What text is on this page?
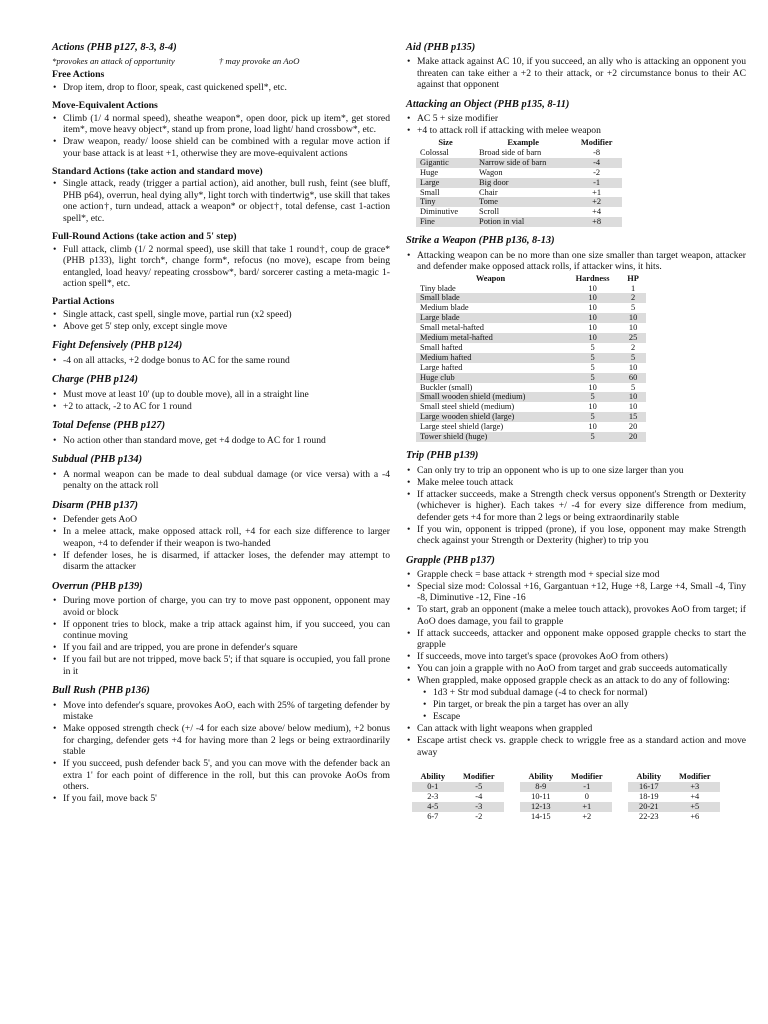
Actions (PHB p127, 8-3, 8-4)
*provokes an attack of opportunity	† may provoke an AoO
Free Actions
• Drop item, drop to floor, speak, cast quickened spell*, etc.
Move-Equivalent Actions
• Climb (1/ 4 normal speed), sheathe weapon*, open door, pick up item*, get stored item*, move heavy object*, stand up from prone, load light/ hand crossbow*, etc.
• Draw weapon, ready/ loose shield can be combined with a regular move action if your base attack is at least +1, otherwise they are move-equivalent actions
Standard Actions (take action and standard move)
• Single attack, ready (trigger a partial action), aid another, bull rush, feint (see bluff, PHB p64), overrun, heal dying ally*, light torch with tindertwig*, use skill that takes one action†, turn undead, attack a weapon* or object†, total defense, cast 1-action spell*, etc.
Full-Round Actions (take action and 5' step)
• Full attack, climb (1/ 2 normal speed), use skill that take 1 round†, coup de grace* (PHB p133), light torch*, change form*, refocus (no move), escape from being entangled, load heavy/ repeating crossbow*, bard/ sorcerer casting a meta-magic 1-action spell*, etc.
Partial Actions
• Single attack, cast spell, single move, partial run (x2 speed)
• Above get 5' step only, except single move
Fight Defensively (PHB p124)
• -4 on all attacks, +2 dodge bonus to AC for the same round
Charge (PHB p124)
• Must move at least 10' (up to double move), all in a straight line
• +2 to attack, -2 to AC for 1 round
Total Defense (PHB p127)
• No action other than standard move, get +4 dodge to AC for 1 round
Subdual (PHB p134)
• A normal weapon can be made to deal subdual damage (or vice versa) with a -4 penalty on the attack roll
Disarm (PHB p137)
• Defender gets AoO
• In a melee attack, make opposed attack roll, +4 for each size difference to larger weapon, +4 to defender if their weapon is two-handed
• If defender loses, he is disarmed, if attacker loses, the defender may attempt to disarm the attacker
Overrun (PHB p139)
• During move portion of charge, you can try to move past opponent, opponent may avoid or block
• If opponent tries to block, make a trip attack against him, if you succeed, you can continue moving
• If you fail and are tripped, you are prone in defender's square
• If you fail but are not tripped, move back 5'; if that square is occupied, you fall prone in it
Bull Rush (PHB p136)
• Move into defender's square, provokes AoO, each with 25% of targeting defender by mistake
• Make opposed strength check (+/ -4 for each size above/ below medium), +2 bonus for charging, defender gets +4 for having more than 2 legs or being extraordinarily stable
• If you succeed, push defender back 5', and you can move with the defender back an extra 1' for each point of difference in the roll, but this can provoke AoOs from others.
• If you fail, move back 5'
Aid (PHB p135)
• Make attack against AC 10, if you succeed, an ally who is attacking an opponent you threaten can take either a +2 to their attack, or +2 circumstance bonus to their AC against that opponent
Attacking an Object (PHB p135, 8-11)
• AC 5 + size modifier
• +4 to attack roll if attacking with melee weapon
Size	Example	Modifier
Colossal	Broad side of barn	-8
Gigantic	Narrow side of barn	-4
Huge	Wagon	-2
Large	Big door	-1
Small	Chair	+1
Tiny	Tome	+2
Diminutive	Scroll	+4
Fine	Potion in vial	+8
Strike a Weapon (PHB p136, 8-13)
• Attacking weapon can be no more than one size smaller than target weapon, attacker and defender make opposed attack rolls, if attacker wins, it hits.
Weapon	Hardness	HP
Tiny blade	10	1
Small blade	10	2
Medium blade	10	5
Large blade	10	10
Small metal-hafted	10	10
Medium metal-hafted	10	25
Small hafted	5	2
Medium hafted	5	5
Large hafted	5	10
Huge club	5	60
Buckler (small)	10	5
Small wooden shield (medium)	5	10
Small steel shield (medium)	10	10
Large wooden shield (large)	5	15
Large steel shield (large)	10	20
Tower shield (huge)	5	20
Trip (PHB p139)
• Can only try to trip an opponent who is up to one size larger than you
• Make melee touch attack
• If attacker succeeds, make a Strength check versus opponent's Strength or Dexterity (whichever is higher). Each takes +/ -4 for every size difference from medium, defender gets +4 for more than 2 legs or being extraordinarily stable
• If you win, opponent is tripped (prone), if you lose, opponent may make Strength check against your Strength or Dexterity (higher) to trip you
Grapple (PHB p137)
• Grapple check = base attack + strength mod + special size mod
• Special size mod: Colossal +16, Gargantuan +12, Huge +8, Large +4, Small -4, Tiny -8, Diminutive -12, Fine -16
• To start, grab an opponent (make a melee touch attack), provokes AoO from target; if AoO does damage, you fail to grapple
• If attack succeeds, attacker and opponent make opposed grapple checks to start the grapple
• If succeeds, move into target's space (provokes AoO from others)
• You can join a grapple with no AoO from target and grab succeeds automatically
• When grappled, make opposed grapple check as an attack to do any of following:
• 1d3 + Str mod subdual damage (-4 to check for normal)
• Pin target, or break the pin a target has over an ally
• Escape
• Can attack with light weapons when grappled
• Escape artist check vs. grapple check to wriggle free as a standard action and move away
Ability	Modifier
0-1	-5
2-3	-4
4-5	-3
6-7	-2
Ability	Modifier
8-9	-1
10-11	0
12-13	+1
14-15	+2
Ability	Modifier
16-17	+3
18-19	+4
20-21	+5
22-23	+6
